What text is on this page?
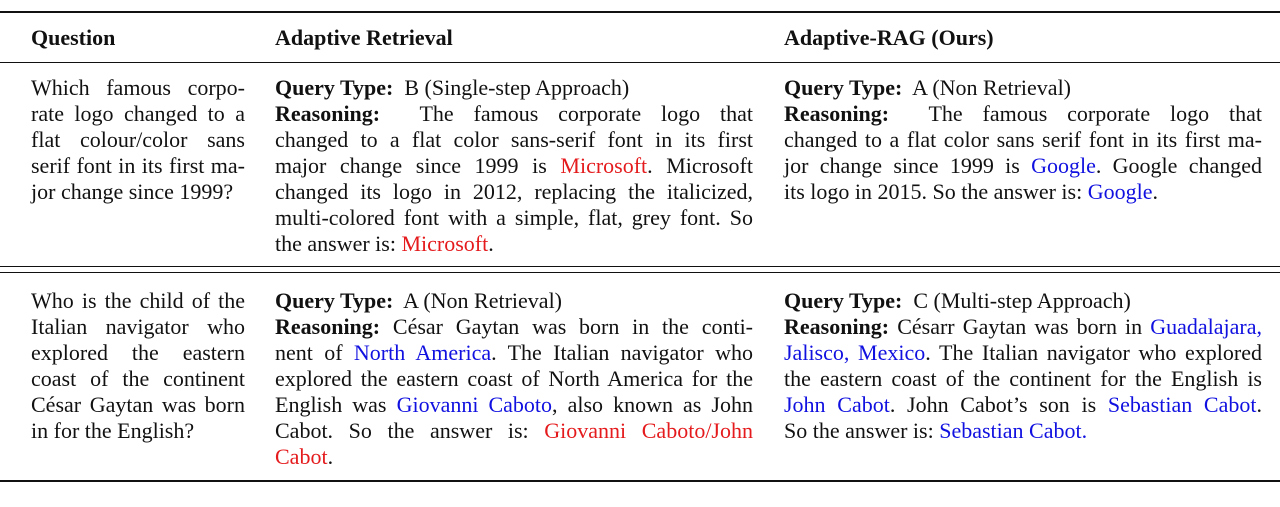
Question	Adaptive Retrieval	Adaptive-RAG (Ours)
Which famous corpo-
rate logo changed to a
flat colour/color sans
serif font in its first ma-
jor change since 1999?
Query Type: B (Single-step Approach)
Reasoning: The famous corporate logo that
changed to a flat color sans-serif font in its first
major change since 1999 is Microsoft. Microsoft
changed its logo in 2012, replacing the italicized,
multi-colored font with a simple, flat, grey font. So
the answer is: Microsoft.
Query Type: A (Non Retrieval)
Reasoning: The famous corporate logo that
changed to a flat color sans serif font in its first ma-
jor change since 1999 is Google. Google changed
its logo in 2015. So the answer is: Google.
Who is the child of the
Italian navigator who
explored the eastern
coast of the continent
César Gaytan was born
in for the English?
Query Type: A (Non Retrieval)
Reasoning: César Gaytan was born in the conti-
nent of North America. The Italian navigator who
explored the eastern coast of North America for the
English was Giovanni Caboto, also known as John
Cabot. So the answer is: Giovanni Caboto/John
Cabot.
Query Type: C (Multi-step Approach)
Reasoning: Césarr Gaytan was born in Guadalajara,
Jalisco, Mexico. The Italian navigator who explored
the eastern coast of the continent for the English is
John Cabot. John Cabot’s son is Sebastian Cabot.
So the answer is: Sebastian Cabot.
